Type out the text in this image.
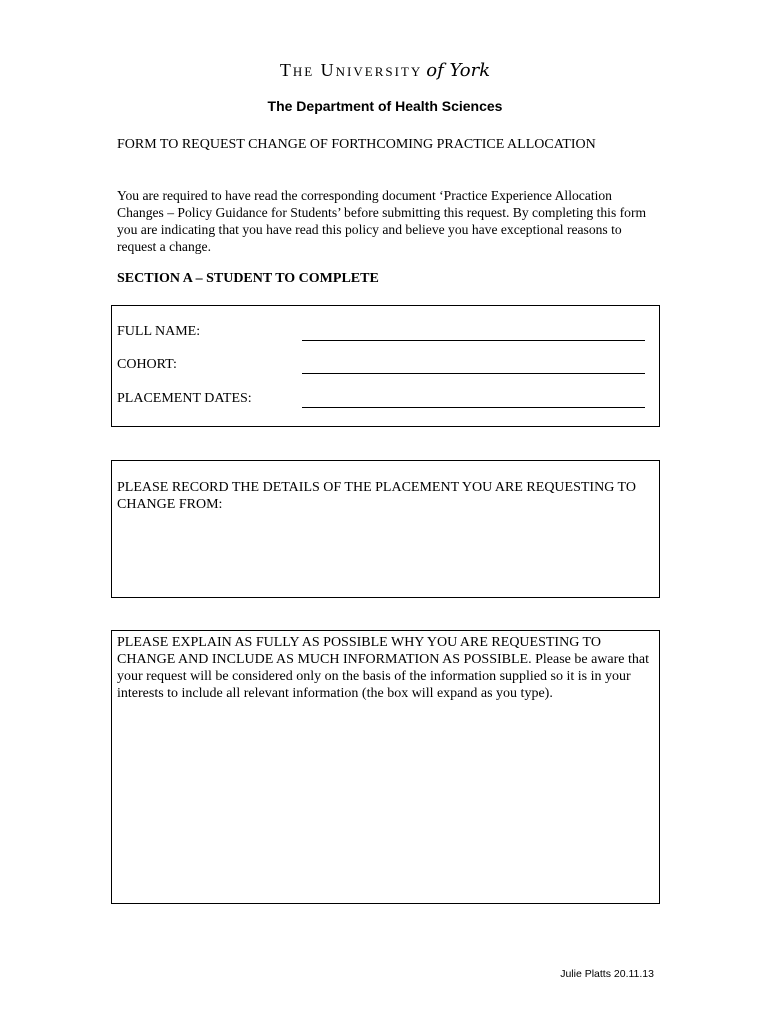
The University of York
The Department of Health Sciences
FORM TO REQUEST CHANGE OF FORTHCOMING PRACTICE ALLOCATION
You are required to have read the corresponding document ‘Practice Experience Allocation Changes – Policy Guidance for Students’ before submitting this request. By completing this form you are indicating that you have read this policy and believe you have exceptional reasons to request a change.
SECTION A – STUDENT TO COMPLETE
FULL NAME:
COHORT:
PLACEMENT DATES:
PLEASE RECORD THE DETAILS OF THE PLACEMENT YOU ARE REQUESTING TO CHANGE FROM:
PLEASE EXPLAIN AS FULLY AS POSSIBLE WHY YOU ARE REQUESTING TO CHANGE AND INCLUDE AS MUCH INFORMATION AS POSSIBLE. Please be aware that your request will be considered only on the basis of the information supplied so it is in your interests to include all relevant information (the box will expand as you type).
Julie Platts 20.11.13
